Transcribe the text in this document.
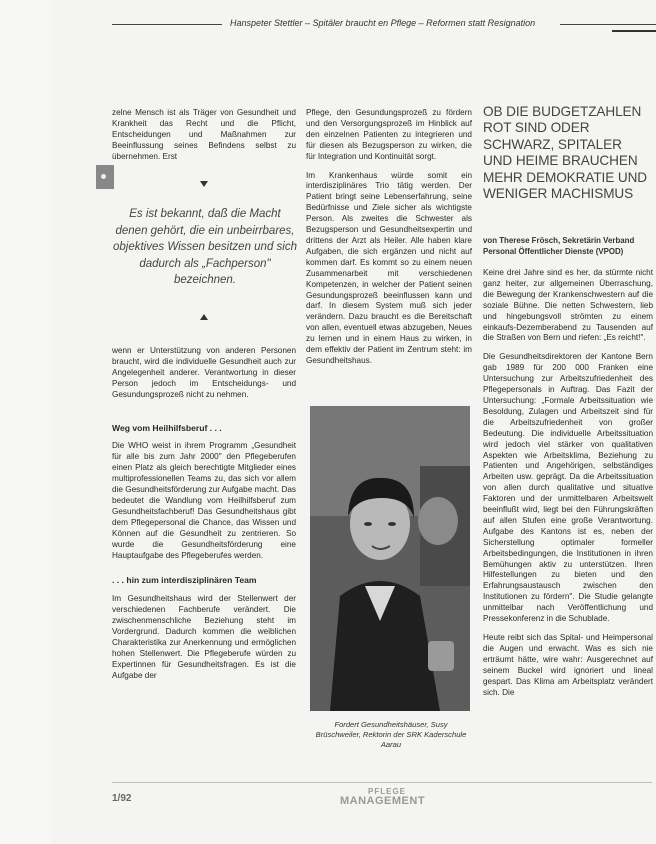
Hanspeter Stettler – Spitäler braucht en Pflege – Reformen statt Resignation

zelne Mensch ist als Träger von Gesundheit und Krankheit das Recht und die Pflicht, Entscheidungen und Maßnahmen zur Beeinflussung seines Befindens selbst zu übernehmen. Erst

Es ist bekannt, daß die Macht denen gehört, die ein unbeirrbares, objektives Wissen besitzen und sich dadurch als „Fachperson" bezeichnen.

wenn er Unterstützung von anderen Personen braucht, wird die individuelle Gesundheit auch zur Angelegenheit anderer. Verantwortung in dieser Person jedoch im Entscheidungs- und Gesundungsprozeß nicht zu nehmen.

Weg vom Heilhilfsberuf . . .

Die WHO weist in ihrem Programm „Gesundheit für alle bis zum Jahr 2000" den Pflegeberufen einen Platz als gleich berechtigte Mitglieder eines multiprofessionellen Teams zu, das sich vor allem die Gesundheitsförderung zur Aufgabe macht. Das bedeutet die Wandlung vom Heilhilfsberuf zum Gesundheitsfachberuf! Das Gesundheitshaus gibt dem Pflegepersonal die Chance, das Wissen und Können auf die Gesundheit zu zentrieren. So wurde die Gesundheitsförderung eine Hauptaufgabe des Pflegeberufes werden.

. . . hin zum interdisziplinären Team

Im Gesundheitshaus wird der Stellenwert der verschiedenen Fachberufe verändert. Die zwischenmenschliche Beziehung steht im Vordergrund. Dadurch kommen die weiblichen Charakteristika zur Anerkennung und ermöglichen hohen Stellenwert. Die Pflegeberufe würden zu Expertinnen für Gesundheitsfragen. Es ist die Aufgabe der

Pflege, den Gesundungsprozeß zu fördern und den Versorgungsprozeß im Hinblick auf den einzelnen Patienten zu integrieren und für diesen als Bezugsperson zu wirken, die für Integration und Kontinuität sorgt.

Im Krankenhaus würde somit ein interdisziplinäres Trio tätig werden. Der Patient bringt seine Lebenserfahrung, seine Bedürfnisse und Ziele sicher als wichtigste Person. Als zweites die Schwester als Bezugsperson und Gesundheitsexpertin und drittens der Arzt als Heiler. Alle haben klare Aufgaben, die sich ergänzen und nicht auf kommen darf. Es kommt so zu einem neuen Zusammenarbeit mit verschiedenen Kompetenzen, in welcher der Patient seinen Gesundungsprozeß beeinflussen kann und darf. In diesem System muß sich jeder verändern. Dazu braucht es die Bereitschaft von allen, eventuell etwas abzugeben, Neues zu lernen und in einem Haus zu wirken, in dem effektiv der Patient im Zentrum steht: im Gesundheitshaus.

Fordert Gesundheitshäuser, Susy Brüschweiler, Rektorin der SRK Kaderschule Aarau
OB DIE BUDGETZAHLEN ROT SIND ODER SCHWARZ, SPITALER UND HEIME BRAUCHEN MEHR DEMOKRATIE UND WENIGER MACHISMUS
von Therese Frösch, Sekretärin Verband Personal Öffentlicher Dienste (VPOD)

Keine drei Jahre sind es her, da stürmte nicht ganz heiter, zur allgemeinen Überraschung, die Bewegung der Krankenschwestern auf die soziale Bühne. Die netten Schwestern, lieb und hingebungsvoll strömten zu einem einkaufs-Dezemberabend zu Tausenden auf die Straßen von Bern und riefen: „Es reicht!".

Die Gesundheitsdirektoren der Kantone Bern gab 1989 für 200 000 Franken eine Untersuchung zur Arbeitszufriedenheit des Pflegepersonals in Auftrag. Das Fazit der Untersuchung: „Formale Arbeitssituation wie Besoldung, Zulagen und Arbeitszeit sind für die Arbeitszufriedenheit von großer Bedeutung. Die individuelle Arbeitssituation wird jedoch viel stärker von qualitativen Aspekten wie Arbeitsklima, Beziehung zu Patienten und Angehörigen, selbständiges Arbeiten usw. geprägt. Da die Arbeitssituation von allen durch qualitative und situative Faktoren und der unmittelbaren Arbeitswelt beeinflußt wird, liegt bei den Führungskräften auf allen Stufen eine große Verantwortung. Aufgabe des Kantons ist es, neben der Sicherstellung optimaler formeller Arbeitsbedingungen, die Institutionen in ihren Bemühungen aktiv zu unterstützen. Ihren Hilfestellungen zu bieten und den Erfahrungsaustausch zwischen den Institutionen zu fördern". Die Studie gelangte unmittelbar nach Veröffentlichung und Pressekonferenz in die Schublade.

Heute reibt sich das Spital- und Heimpersonal die Augen und erwacht. Was es sich nie erträumt hätte, wire wahr: Ausgerechnet auf seinem Buckel wird ignoriert und lineal gespart. Das Klima am Arbeitsplatz verändert sich. Die

1/92
PFLEGE
MANAGEMENT
